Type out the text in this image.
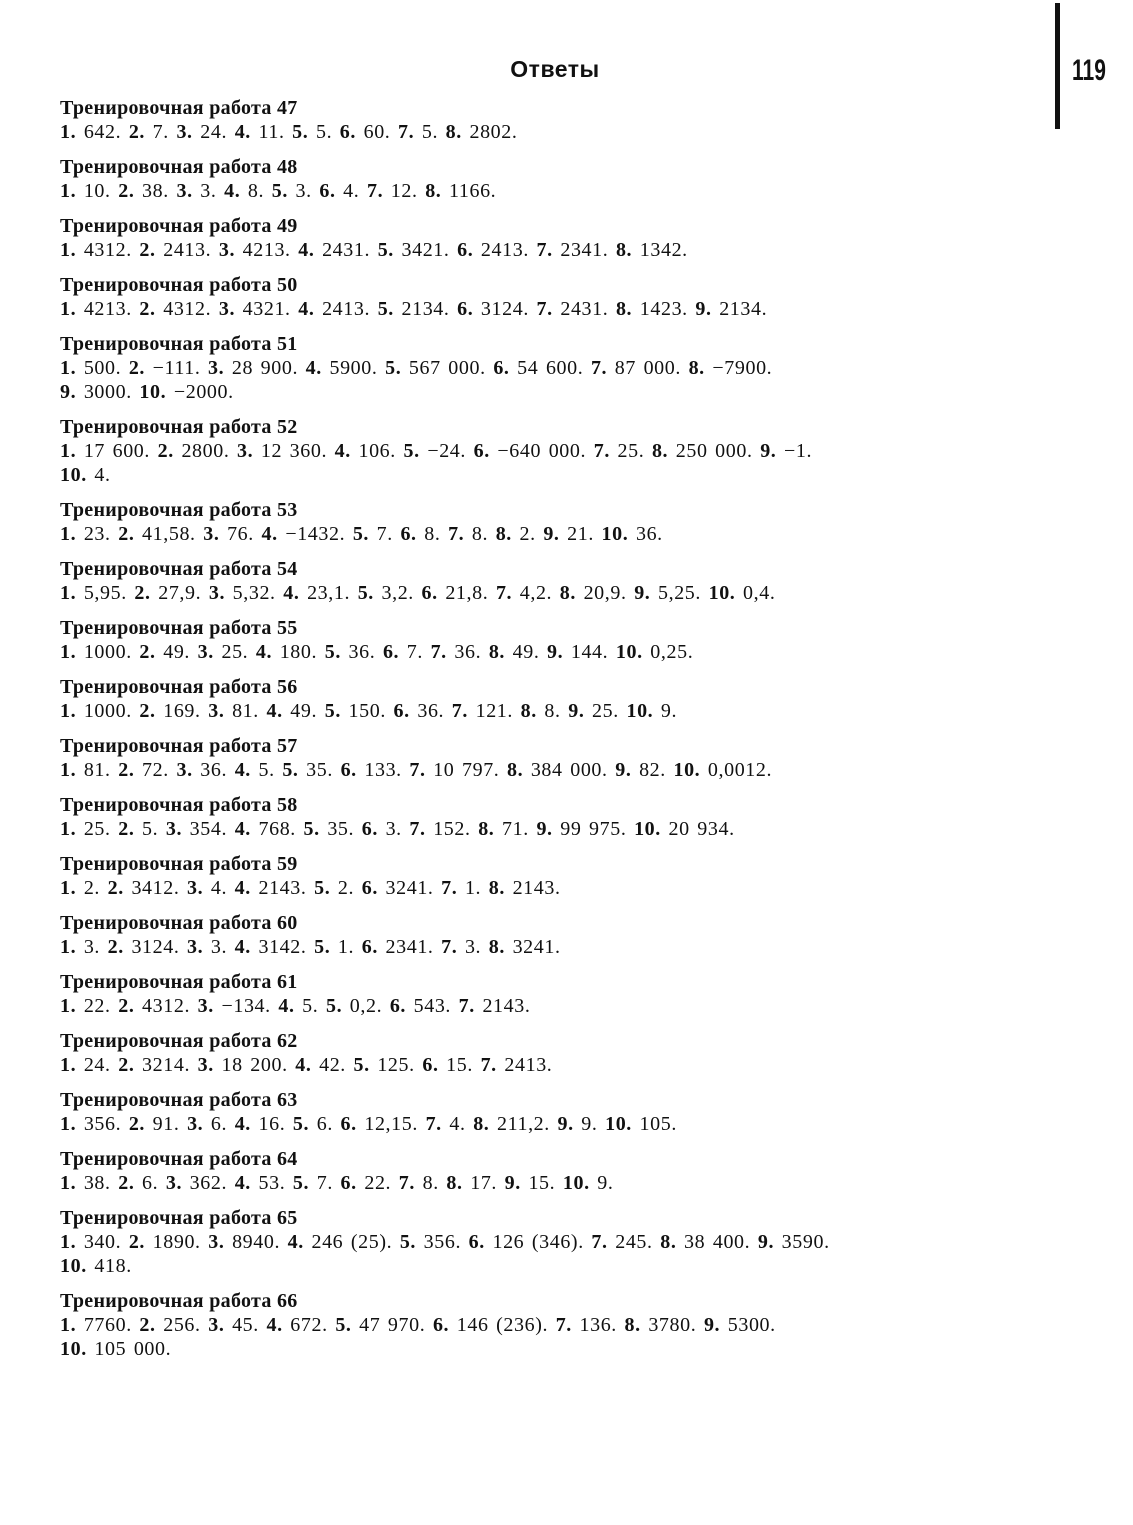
Ответы	119
Тренировочная работа 47
1. 642. 2. 7. 3. 24. 4. 11. 5. 5. 6. 60. 7. 5. 8. 2802.
Тренировочная работа 48
1. 10. 2. 38. 3. 3. 4. 8. 5. 3. 6. 4. 7. 12. 8. 1166.
Тренировочная работа 49
1. 4312. 2. 2413. 3. 4213. 4. 2431. 5. 3421. 6. 2413. 7. 2341. 8. 1342.
Тренировочная работа 50
1. 4213. 2. 4312. 3. 4321. 4. 2413. 5. 2134. 6. 3124. 7. 2431. 8. 1423. 9. 2134.
Тренировочная работа 51
1. 500. 2. −111. 3. 28 900. 4. 5900. 5. 567 000. 6. 54 600. 7. 87 000. 8. −7900.
9. 3000. 10. −2000.
Тренировочная работа 52
1. 17 600. 2. 2800. 3. 12 360. 4. 106. 5. −24. 6. −640 000. 7. 25. 8. 250 000. 9. −1.
10. 4.
Тренировочная работа 53
1. 23. 2. 41,58. 3. 76. 4. −1432. 5. 7. 6. 8. 7. 8. 8. 2. 9. 21. 10. 36.
Тренировочная работа 54
1. 5,95. 2. 27,9. 3. 5,32. 4. 23,1. 5. 3,2. 6. 21,8. 7. 4,2. 8. 20,9. 9. 5,25. 10. 0,4.
Тренировочная работа 55
1. 1000. 2. 49. 3. 25. 4. 180. 5. 36. 6. 7. 7. 36. 8. 49. 9. 144. 10. 0,25.
Тренировочная работа 56
1. 1000. 2. 169. 3. 81. 4. 49. 5. 150. 6. 36. 7. 121. 8. 8. 9. 25. 10. 9.
Тренировочная работа 57
1. 81. 2. 72. 3. 36. 4. 5. 5. 35. 6. 133. 7. 10 797. 8. 384 000. 9. 82. 10. 0,0012.
Тренировочная работа 58
1. 25. 2. 5. 3. 354. 4. 768. 5. 35. 6. 3. 7. 152. 8. 71. 9. 99 975. 10. 20 934.
Тренировочная работа 59
1. 2. 2. 3412. 3. 4. 4. 2143. 5. 2. 6. 3241. 7. 1. 8. 2143.
Тренировочная работа 60
1. 3. 2. 3124. 3. 3. 4. 3142. 5. 1. 6. 2341. 7. 3. 8. 3241.
Тренировочная работа 61
1. 22. 2. 4312. 3. −134. 4. 5. 5. 0,2. 6. 543. 7. 2143.
Тренировочная работа 62
1. 24. 2. 3214. 3. 18 200. 4. 42. 5. 125. 6. 15. 7. 2413.
Тренировочная работа 63
1. 356. 2. 91. 3. 6. 4. 16. 5. 6. 6. 12,15. 7. 4. 8. 211,2. 9. 9. 10. 105.
Тренировочная работа 64
1. 38. 2. 6. 3. 362. 4. 53. 5. 7. 6. 22. 7. 8. 8. 17. 9. 15. 10. 9.
Тренировочная работа 65
1. 340. 2. 1890. 3. 8940. 4. 246 (25). 5. 356. 6. 126 (346). 7. 245. 8. 38 400. 9. 3590.
10. 418.
Тренировочная работа 66
1. 7760. 2. 256. 3. 45. 4. 672. 5. 47 970. 6. 146 (236). 7. 136. 8. 3780. 9. 5300.
10. 105 000.
